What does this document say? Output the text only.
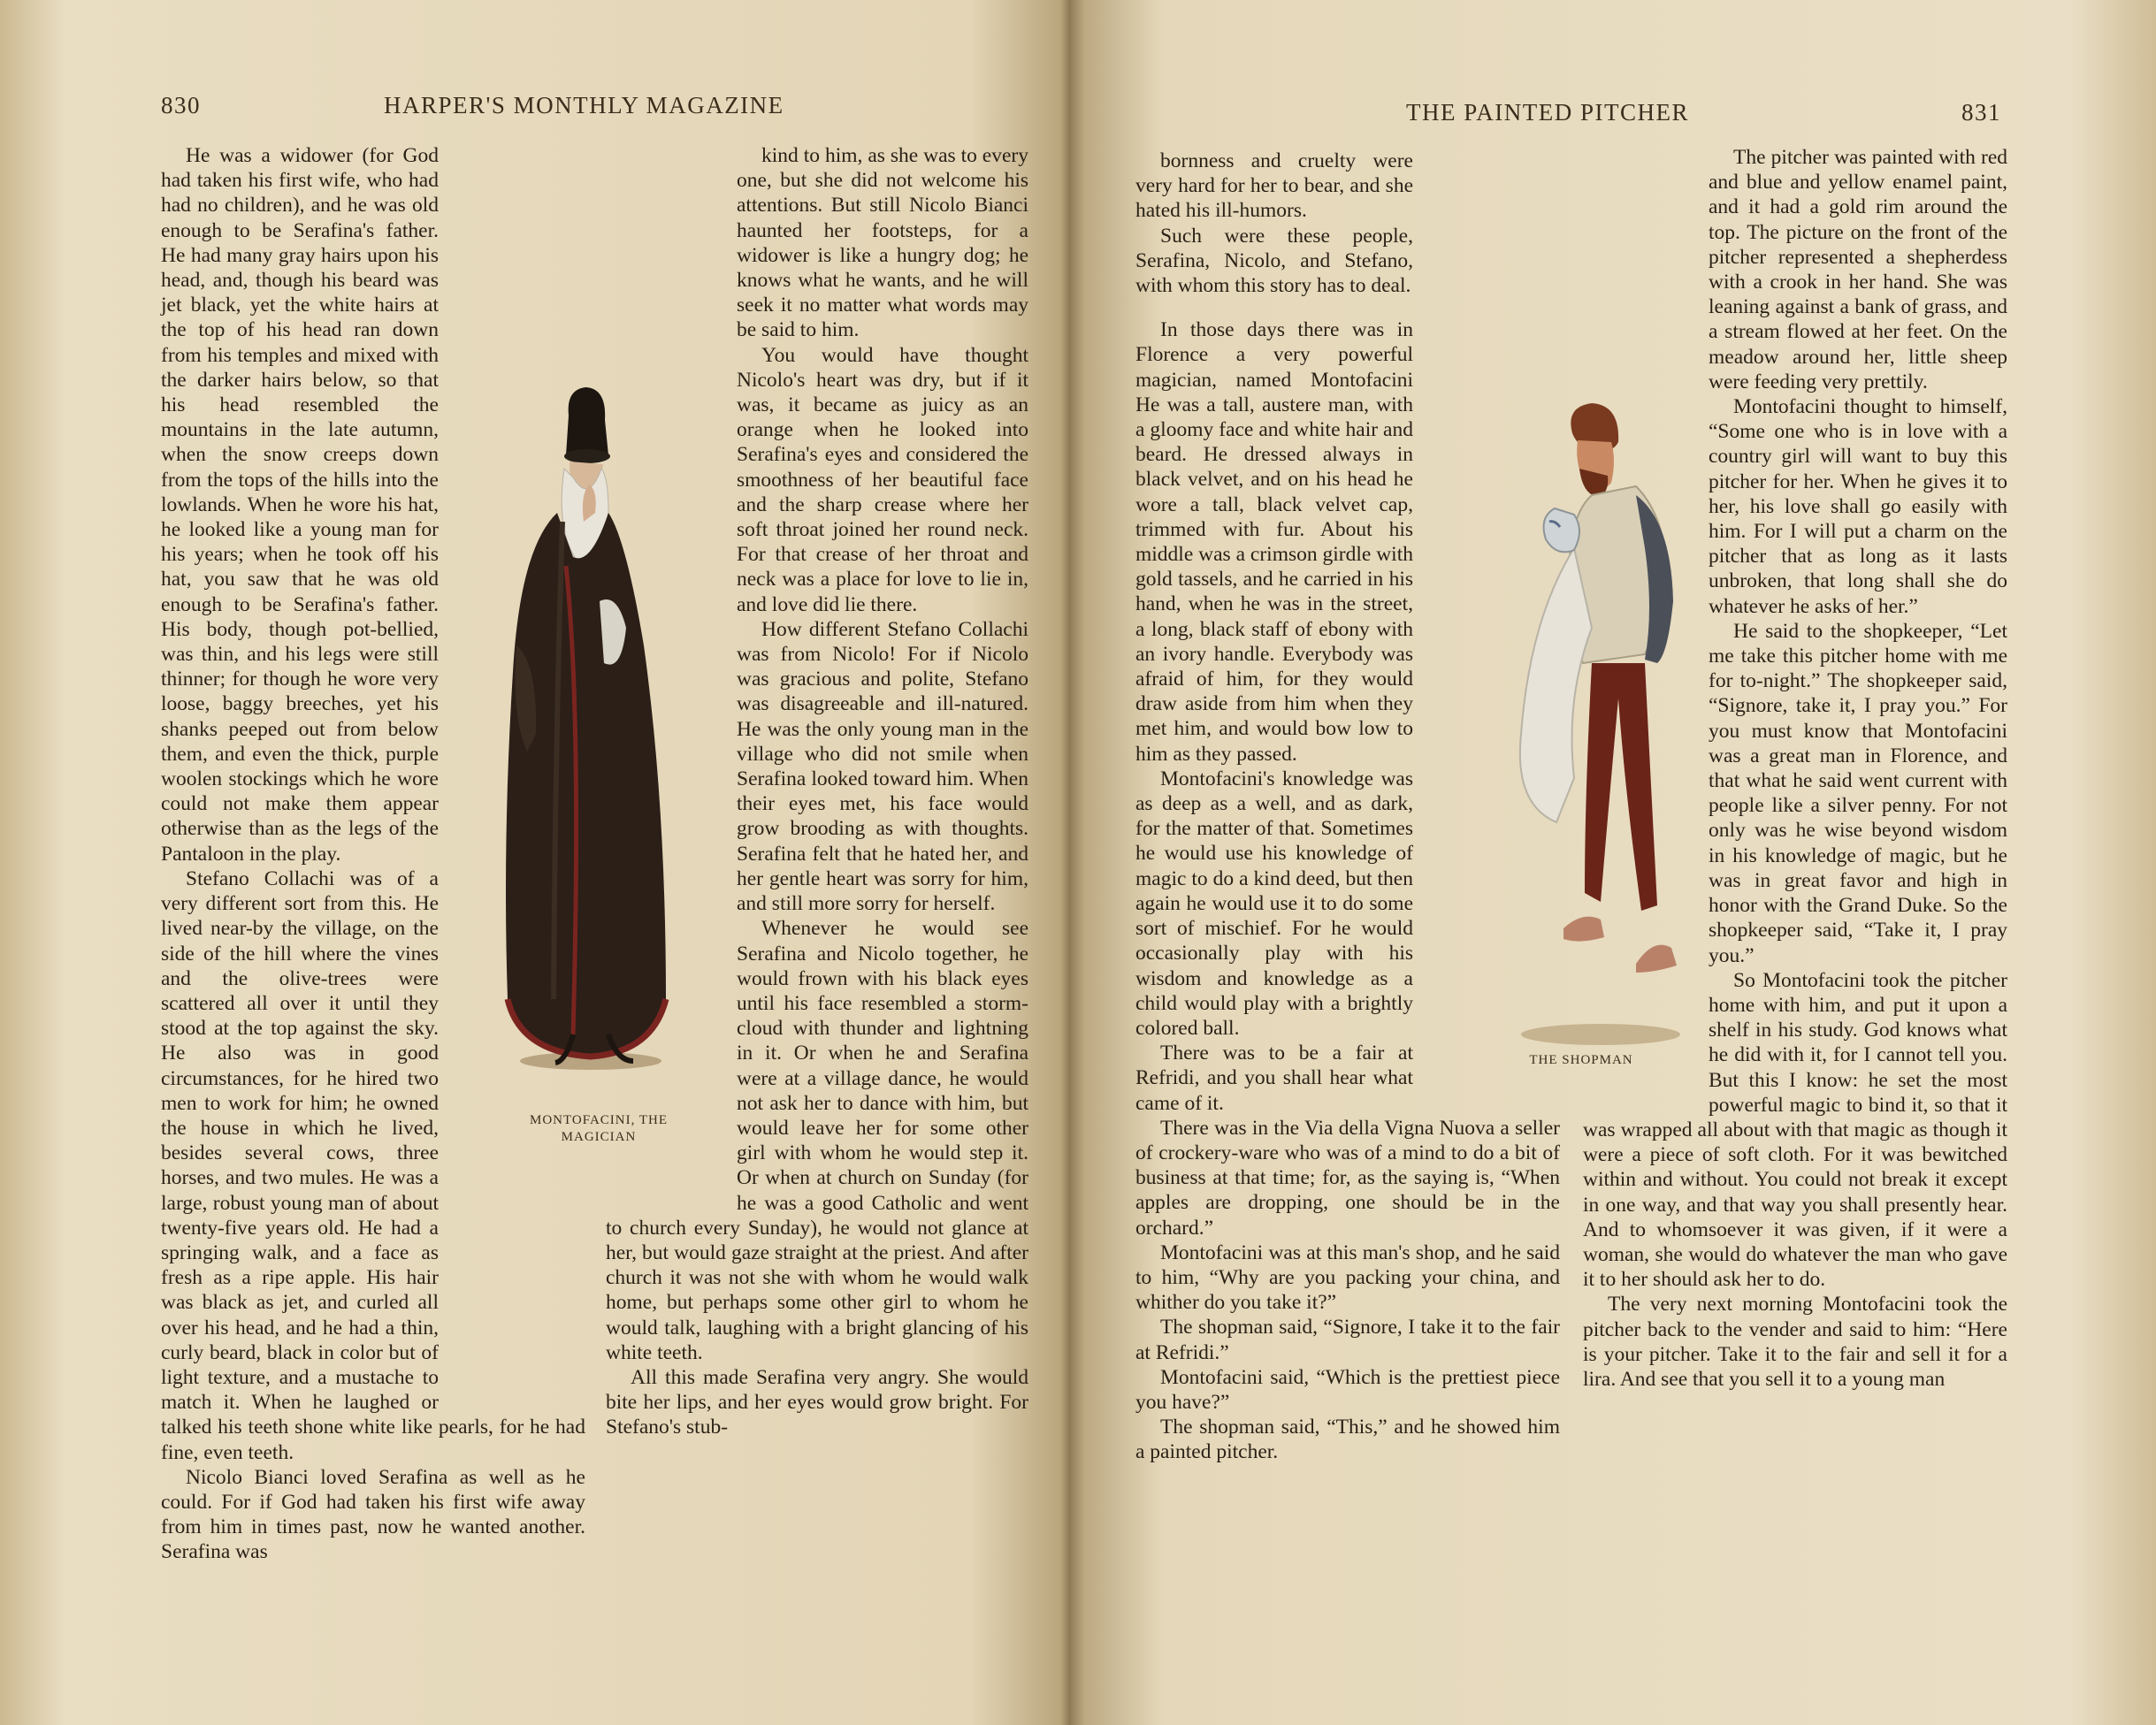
830	HARPER'S MONTHLY MAGAZINE

He was a widower (for God had taken his first wife, who had had no children), and he was old enough to be Serafina's father. He had many gray hairs upon his head, and, though his beard was jet black, yet the white hairs at the top of his head ran down from his temples and mixed with the darker hairs below, so that his head resembled the mountains in the late autumn, when the snow creeps down from the tops of the hills into the lowlands. When he wore his hat, he looked like a young man for his years; when he took off his hat, you saw that he was old enough to be Serafina's father. His body, though pot-bellied, was thin, and his legs were still thinner; for though he wore very loose, baggy breeches, yet his shanks peeped out from below them, and even the thick, purple woolen stockings which he wore could not make them appear otherwise than as the legs of the Pantaloon in the play.

Stefano Collachi was of a very different sort from this. He lived near-by the village, on the side of the hill where the vines and the olive-trees were scattered all over it until they stood at the top against the sky. He also was in good circumstances, for he hired two men to work for him; he owned the house in which he lived, besides several cows, three horses, and two mules. He was a large, robust young man of about twenty-five years old. He had a springing walk, and a face as fresh as a ripe apple. His hair was black as jet, and curled all over his head, and he had a thin, curly beard, black in color but of light texture, and a mustache to match it. When he laughed or talked his teeth shone white like pearls, for he had fine, even teeth.

Nicolo Bianci loved Serafina as well as he could. For if God had taken his first wife away from him in times past, now he wanted another. Serafina was

kind to him, as she was to every one, but she did not welcome his attentions. But still Nicolo Bianci haunted her footsteps, for a widower is like a hungry dog; he knows what he wants, and he will seek it no matter what words may be said to him.

You would have thought Nicolo's heart was dry, but if it was, it became as juicy as an orange when he looked into Serafina's eyes and considered the smoothness of her beautiful face and the sharp crease where her soft throat joined her round neck. For that crease of her throat and neck was a place for love to lie in, and love did lie there.

How different Stefano Collachi was from Nicolo! For if Nicolo was gracious and polite, Stefano was disagreeable and ill-natured. He was the only young man in the village who did not smile when Serafina looked toward him. When their eyes met, his face would grow brooding as with thoughts. Serafina felt that he hated her, and her gentle heart was sorry for him, and still more sorry for herself.

Whenever he would see Serafina and Nicolo together, he would frown with his black eyes until his face resembled a storm-cloud with thunder and lightning in it. Or when he and Serafina were at a village dance, he would not ask her to dance with him, but would leave her for some other girl with whom he would step it. Or when at church on Sunday (for he was a good Catholic and went to church every Sunday), he would not glance at her, but would gaze straight at the priest. And after church it was not she with whom he would walk home, but perhaps some other girl to whom he would talk, laughing with a bright glancing of his white teeth.

All this made Serafina very angry. She would bite her lips, and her eyes would grow bright. For Stefano's stub-

MONTOFACINI, THE
MAGICIAN
THE PAINTED PITCHER	831

bornness and cruelty were very hard for her to bear, and she hated his ill-humors.

Such were these people, Serafina, Nicolo, and Stefano, with whom this story has to deal.

In those days there was in Florence a very powerful magician, named Montofacini He was a tall, austere man, with a gloomy face and white hair and beard. He dressed always in black velvet, and on his head he wore a tall, black velvet cap, trimmed with fur. About his middle was a crimson girdle with gold tassels, and he carried in his hand, when he was in the street, a long, black staff of ebony with an ivory handle. Everybody was afraid of him, for they would draw aside from him when they met him, and would bow low to him as they passed.

Montofacini's knowledge was as deep as a well, and as dark, for the matter of that. Sometimes he would use his knowledge of magic to do a kind deed, but then again he would use it to do some sort of mischief. For he would occasionally play with his wisdom and knowledge as a child would play with a brightly colored ball.

There was to be a fair at Refridi, and you shall hear what came of it.

There was in the Via della Vigna Nuova a seller of crockery-ware who was of a mind to do a bit of business at that time; for, as the saying is, “When apples are dropping, one should be in the orchard.”

Montofacini was at this man's shop, and he said to him, “Why are you packing your china, and whither do you take it?”

The shopman said, “Signore, I take it to the fair at Refridi.”

Montofacini said, “Which is the prettiest piece you have?”

The shopman said, “This,” and he showed him a painted pitcher.

The pitcher was painted with red and blue and yellow enamel paint, and it had a gold rim around the top. The picture on the front of the pitcher represented a shepherdess with a crook in her hand. She was leaning against a bank of grass, and a stream flowed at her feet. On the meadow around her, little sheep were feeding very prettily.

Montofacini thought to himself, “Some one who is in love with a country girl will want to buy this pitcher for her. When he gives it to her, his love shall go easily with him. For I will put a charm on the pitcher that as long as it lasts unbroken, that long shall she do whatever he asks of her.”

He said to the shopkeeper, “Let me take this pitcher home with me for to-night.” The shopkeeper said, “Signore, take it, I pray you.” For you must know that Montofacini was a great man in Florence, and that what he said went current with people like a silver penny. For not only was he wise beyond wisdom in his knowledge of magic, but he was in great favor and high in honor with the Grand Duke. So the shopkeeper said, “Take it, I pray you.”

So Montofacini took the pitcher home with him, and put it upon a shelf in his study. God knows what he did with it, for I cannot tell you. But this I know: he set the most powerful magic to bind it, so that it was wrapped all about with that magic as though it were a piece of soft cloth. For it was bewitched within and without. You could not break it except in one way, and that way you shall presently hear. And to whomsoever it was given, if it were a woman, she would do whatever the man who gave it to her should ask her to do.

The very next morning Montofacini took the pitcher back to the vender and said to him: “Here is your pitcher. Take it to the fair and sell it for a lira. And see that you sell it to a young man

THE SHOPMAN
